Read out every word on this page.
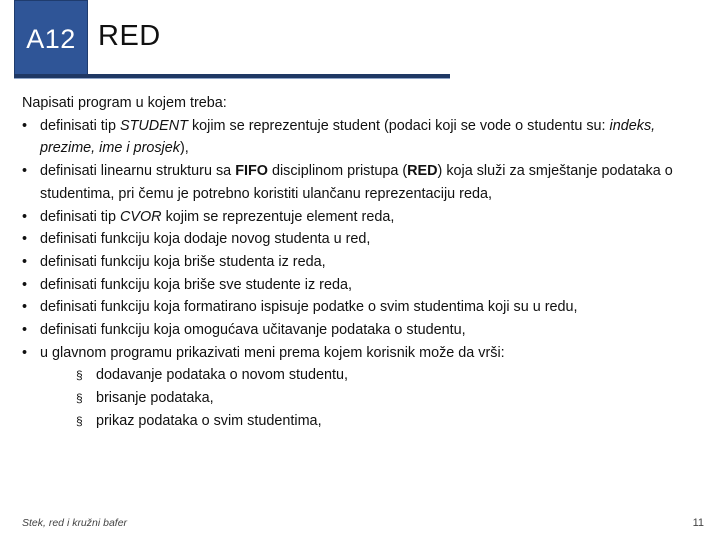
A12 RED

Napisati program u kojem treba:

• definisati tip STUDENT kojim se reprezentuje student (podaci koji se vode o studentu su: indeks, prezime, ime i prosjek),
• definisati linearnu strukturu sa FIFO disciplinom pristupa (RED) koja služi za smještanje podataka o studentima, pri čemu je potrebno koristiti ulančanu reprezentaciju reda,
• definisati tip CVOR kojim se reprezentuje element reda,
• definisati funkciju koja dodaje novog studenta u red,
• definisati funkciju koja briše studenta iz reda,
• definisati funkciju koja briše sve studente iz reda,
• definisati funkciju koja formatirano ispisuje podatke o svim studentima koji su u redu,
• definisati funkciju koja omogućava učitavanje podataka o studentu,
• u glavnom programu prikazivati meni prema kojem korisnik može da vrši:
§ dodavanje podataka o novom studentu,
§ brisanje podataka,
§ prikaz podataka o svim studentima,
Stek, red i kružni bafer	11
